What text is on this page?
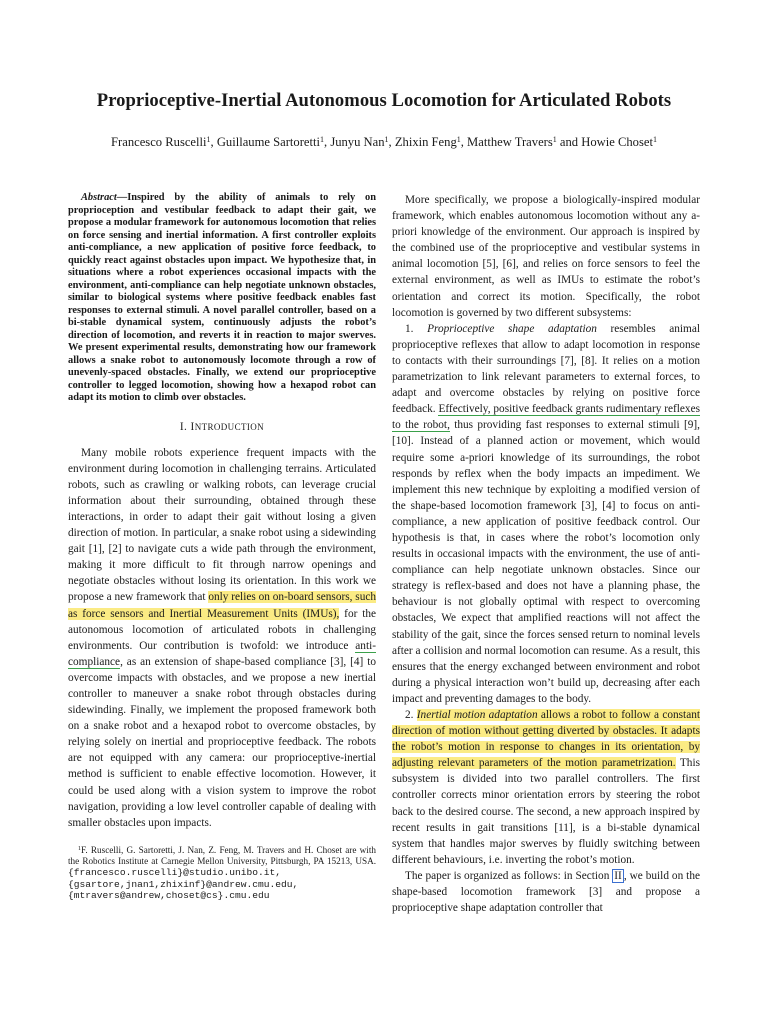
Proprioceptive-Inertial Autonomous Locomotion for Articulated Robots
Francesco Ruscelli$^1$, Guillaume Sartoretti$^1$, Junyu Nan$^1$, Zhixin Feng$^1$, Matthew Travers$^1$ and Howie Choset$^1$

Abstract—Inspired by the ability of animals to rely on proprioception and vestibular feedback to adapt their gait, we propose a modular framework for autonomous locomotion that relies on force sensing and inertial information. A first controller exploits anti-compliance, a new application of positive force feedback, to quickly react against obstacles upon impact. We hypothesize that, in situations where a robot experiences occasional impacts with the environment, anti-compliance can help negotiate unknown obstacles, similar to biological systems where positive feedback enables fast responses to external stimuli. A novel parallel controller, based on a bi-stable dynamical system, continuously adjusts the robot’s direction of locomotion, and reverts it in reaction to major swerves. We present experimental results, demonstrating how our framework allows a snake robot to autonomously locomote through a row of unevenly-spaced obstacles. Finally, we extend our proprioceptive controller to legged locomotion, showing how a hexapod robot can adapt its motion to climb over obstacles.

I. INTRODUCTION

Many mobile robots experience frequent impacts with the environment during locomotion in challenging terrains. Articulated robots, such as crawling or walking robots, can leverage crucial information about their surrounding, obtained through these interactions, in order to adapt their gait without losing a given direction of motion. In particular, a snake robot using a sidewinding gait [1], [2] to navigate cuts a wide path through the environment, making it more difficult to fit through narrow openings and negotiate obstacles without losing its orientation. In this work we propose a new framework that only relies on on-board sensors, such as force sensors and Inertial Measurement Units (IMUs), for the autonomous locomotion of articulated robots in challenging environments. Our contribution is twofold: we introduce anti-compliance, as an extension of shape-based compliance [3], [4] to overcome impacts with obstacles, and we propose a new inertial controller to maneuver a snake robot through obstacles during sidewinding. Finally, we implement the proposed framework both on a snake robot and a hexapod robot to overcome obstacles, by relying solely on inertial and proprioceptive feedback. The robots are not equipped with any camera: our proprioceptive-inertial method is sufficient to enable effective locomotion. However, it could be used along with a vision system to improve the robot navigation, providing a low level controller capable of dealing with smaller obstacles upon impacts.

$^1$F. Ruscelli, G. Sartoretti, J. Nan, Z. Feng, M. Travers and H. Choset are with the Robotics Institute at Carnegie Mellon University, Pittsburgh, PA 15213, USA. {francesco.ruscelli}@studio.unibo.it, {gsartore,jnan1,zhixinf}@andrew.cmu.edu, {mtravers@andrew,choset@cs}.cmu.edu

More specifically, we propose a biologically-inspired modular framework, which enables autonomous locomotion without any a-priori knowledge of the environment. Our approach is inspired by the combined use of the proprioceptive and vestibular systems in animal locomotion [5], [6], and relies on force sensors to feel the external environment, as well as IMUs to estimate the robot’s orientation and correct its motion. Specifically, the robot locomotion is governed by two different subsystems:

1. Proprioceptive shape adaptation resembles animal proprioceptive reflexes that allow to adapt locomotion in response to contacts with their surroundings [7], [8]. It relies on a motion parametrization to link relevant parameters to external forces, to adapt and overcome obstacles by relying on positive force feedback. Effectively, positive feedback grants rudimentary reflexes to the robot, thus providing fast responses to external stimuli [9], [10]. Instead of a planned action or movement, which would require some a-priori knowledge of its surroundings, the robot responds by reflex when the body impacts an impediment. We implement this new technique by exploiting a modified version of the shape-based locomotion framework [3], [4] to focus on anti-compliance, a new application of positive feedback control. Our hypothesis is that, in cases where the robot’s locomotion only results in occasional impacts with the environment, the use of anti-compliance can help negotiate unknown obstacles. Since our strategy is reflex-based and does not have a planning phase, the behaviour is not globally optimal with respect to overcoming obstacles, We expect that amplified reactions will not affect the stability of the gait, since the forces sensed return to nominal levels after a collision and normal locomotion can resume. As a result, this ensures that the energy exchanged between environment and robot during a physical interaction won’t build up, decreasing after each impact and preventing damages to the body.

2. Inertial motion adaptation allows a robot to follow a constant direction of motion without getting diverted by obstacles. It adapts the robot’s motion in response to changes in its orientation, by adjusting relevant parameters of the motion parametrization. This subsystem is divided into two parallel controllers. The first controller corrects minor orientation errors by steering the robot back to the desired course. The second, a new approach inspired by recent results in gait transitions [11], is a bi-stable dynamical system that handles major swerves by fluidly switching between different behaviours, i.e. inverting the robot’s motion.

The paper is organized as follows: in Section II , we build on the shape-based locomotion framework [3] and propose a proprioceptive shape adaptation controller that
